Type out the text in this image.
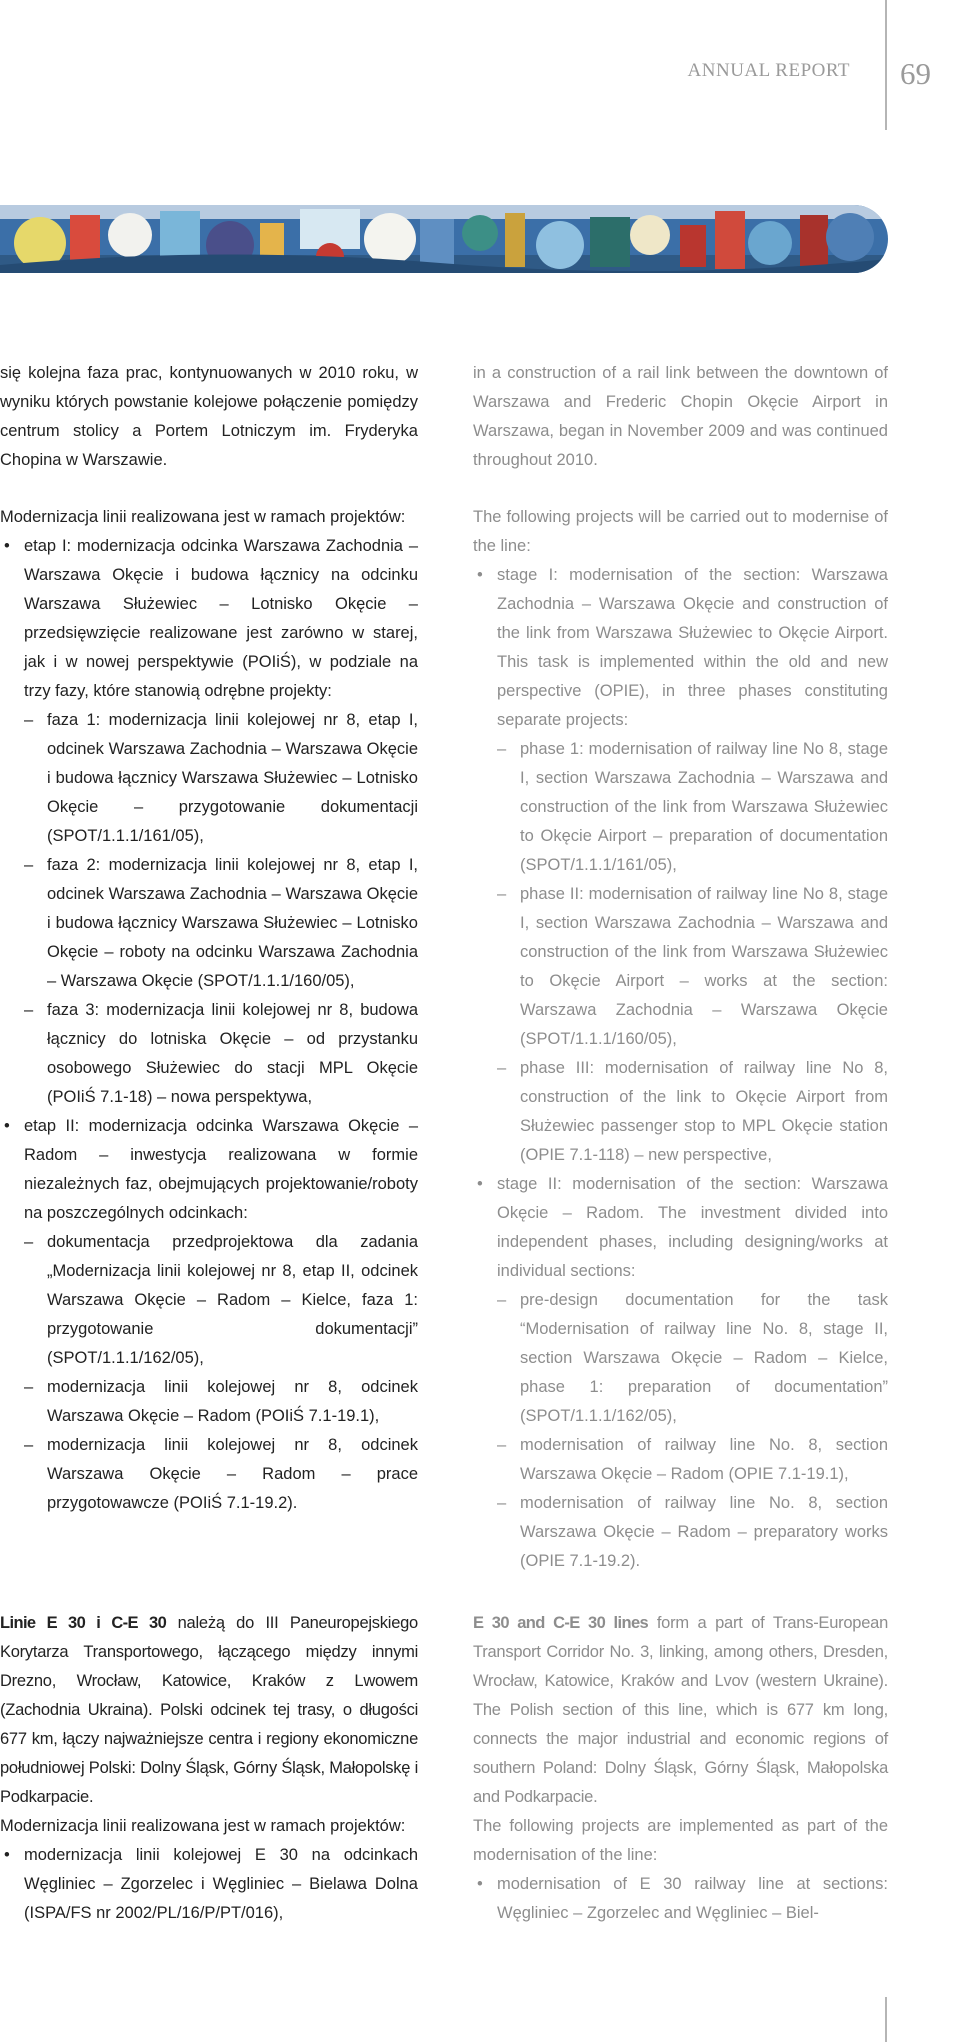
ANNUAL REPORT 69

się kolejna faza prac, kontynuowanych w 2010 roku, w wyniku których powstanie kolejowe połączenie pomiędzy centrum stolicy a Portem Lotniczym im. Fryderyka Chopina w Warszawie.

Modernizacja linii realizowana jest w ramach projektów:

• etap I: modernizacja odcinka Warszawa Zachodnia – Warszawa Okęcie i budowa łącznicy na odcinku Warszawa Służewiec – Lotnisko Okęcie – przedsięwzięcie realizowane jest zarówno w starej, jak i w nowej perspektywie (POIiŚ), w podziale na trzy fazy, które stanowią odrębne projekty:
– faza 1: modernizacja linii kolejowej nr 8, etap I, odcinek Warszawa Zachodnia – Warszawa Okęcie i budowa łącznicy Warszawa Służewiec – Lotnisko Okęcie – przygotowanie dokumentacji (SPOT/1.1.1/161/05),
– faza 2: modernizacja linii kolejowej nr 8, etap I, odcinek Warszawa Zachodnia – Warszawa Okęcie i budowa łącznicy Warszawa Służewiec – Lotnisko Okęcie – roboty na odcinku Warszawa Zachodnia – Warszawa Okęcie (SPOT/1.1.1/160/05),
– faza 3: modernizacja linii kolejowej nr 8, budowa łącznicy do lotniska Okęcie – od przystanku osobowego Służewiec do stacji MPL Okęcie (POIiŚ 7.1-18) – nowa perspektywa,
• etap II: modernizacja odcinka Warszawa Okęcie – Radom – inwestycja realizowana w formie niezależnych faz, obejmujących projektowanie/roboty na poszczególnych odcinkach:
– dokumentacja przedprojektowa dla zadania „Modernizacja linii kolejowej nr 8, etap II, odcinek Warszawa Okęcie – Radom – Kielce, faza 1: przygotowanie dokumentacji” (SPOT/1.1.1/162/05),
– modernizacja linii kolejowej nr 8, odcinek Warszawa Okęcie – Radom (POIiŚ 7.1-19.1),
– modernizacja linii kolejowej nr 8, odcinek Warszawa Okęcie – Radom – prace przygotowawcze (POIiŚ 7.1-19.2).

Linie E 30 i C-E 30 należą do III Paneuropejskiego Korytarza Transportowego, łączącego między innymi Drezno, Wrocław, Katowice, Kraków z Lwowem (Zachodnia Ukraina). Polski odcinek tej trasy, o długości 677 km, łączy najważniejsze centra i regiony ekonomiczne południowej Polski: Dolny Śląsk, Górny Śląsk, Małopolskę i Podkarpacie.

Modernizacja linii realizowana jest w ramach projektów:

• modernizacja linii kolejowej E 30 na odcinkach Węgliniec – Zgorzelec i Węgliniec – Bielawa Dolna (ISPA/FS nr 2002/PL/16/P/PT/016),

in a construction of a rail link between the downtown of Warszawa and Frederic Chopin Okęcie Airport in Warszawa, began in November 2009 and was continued throughout 2010.

The following projects will be carried out to modernise of the line:

• stage I: modernisation of the section: Warszawa Zachodnia – Warszawa Okęcie and construction of the link from Warszawa Służewiec to Okęcie Airport. This task is implemented within the old and new perspective (OPIE), in three phases constituting separate projects:
– phase 1: modernisation of railway line No 8, stage I, section Warszawa Zachodnia – Warszawa and construction of the link from Warszawa Służewiec to Okęcie Airport – preparation of documentation (SPOT/1.1.1/161/05),
– phase II: modernisation of railway line No 8, stage I, section Warszawa Zachodnia – Warszawa and construction of the link from Warszawa Służewiec to Okęcie Airport – works at the section: Warszawa Zachodnia – Warszawa Okęcie (SPOT/1.1.1/160/05),
– phase III: modernisation of railway line No 8, construction of the link to Okęcie Airport from Służewiec passenger stop to MPL Okęcie station (OPIE 7.1-118) – new perspective,
• stage II: modernisation of the section: Warszawa Okęcie – Radom. The investment divided into independent phases, including designing/works at individual sections:
– pre-design documentation for the task “Modernisation of railway line No. 8, stage II, section Warszawa Okęcie – Radom – Kielce, phase 1: preparation of documentation” (SPOT/1.1.1/162/05),
– modernisation of railway line No. 8, section Warszawa Okęcie – Radom (OPIE 7.1-19.1),
– modernisation of railway line No. 8, section Warszawa Okęcie – Radom – preparatory works (OPIE 7.1-19.2).

E 30 and C-E 30 lines form a part of Trans-European Transport Corridor No. 3, linking, among others, Dresden, Wrocław, Katowice, Kraków and Lvov (western Ukraine). The Polish section of this line, which is 677 km long, connects the major industrial and economic regions of southern Poland: Dolny Śląsk, Górny Śląsk, Małopolska and Podkarpacie.

The following projects are implemented as part of the modernisation of the line:

• modernisation of E 30 railway line at sections: Węgliniec – Zgorzelec and Węgliniec – Biel-
